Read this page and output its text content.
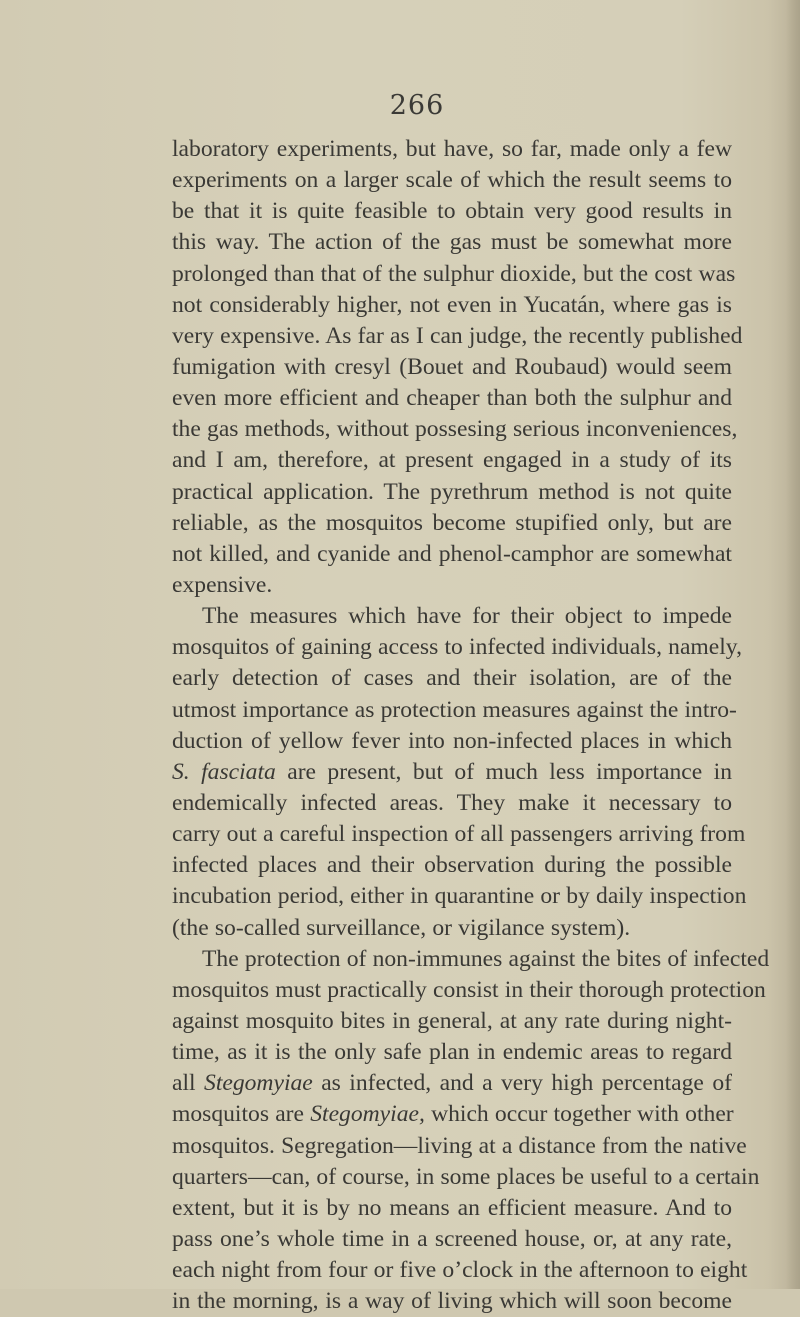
266
laboratory experiments, but have, so far, made only a few
experiments on a larger scale of which the result seems to
be that it is quite feasible to obtain very good results in
this way. The action of the gas must be somewhat more
prolonged than that of the sulphur dioxide, but the cost was
not considerably higher, not even in Yucatán, where gas is
very expensive. As far as I can judge, the recently published
fumigation with cresyl (Bouet and Roubaud) would seem
even more efficient and cheaper than both the sulphur and
the gas methods, without possesing serious inconveniences,
and I am, therefore, at present engaged in a study of its
practical application. The pyrethrum method is not quite
reliable, as the mosquitos become stupified only, but are
not killed, and cyanide and phenol-camphor are somewhat
expensive.
The measures which have for their object to impede
mosquitos of gaining access to infected individuals, namely,
early detection of cases and their isolation, are of the
utmost importance as protection measures against the intro-
duction of yellow fever into non-infected places in which
S. fasciata are present, but of much less importance in
endemically infected areas. They make it necessary to
carry out a careful inspection of all passengers arriving from
infected places and their observation during the possible
incubation period, either in quarantine or by daily inspection
(the so-called surveillance, or vigilance system).
The protection of non-immunes against the bites of infected
mosquitos must practically consist in their thorough protection
against mosquito bites in general, at any rate during night-
time, as it is the only safe plan in endemic areas to regard
all Stegomyiae as infected, and a very high percentage of
mosquitos are Stegomyiae, which occur together with other
mosquitos. Segregation—living at a distance from the native
quarters—can, of course, in some places be useful to a certain
extent, but it is by no means an efficient measure. And to
pass one’s whole time in a screened house, or, at any rate,
each night from four or five o’clock in the afternoon to eight
in the morning, is a way of living which will soon become
